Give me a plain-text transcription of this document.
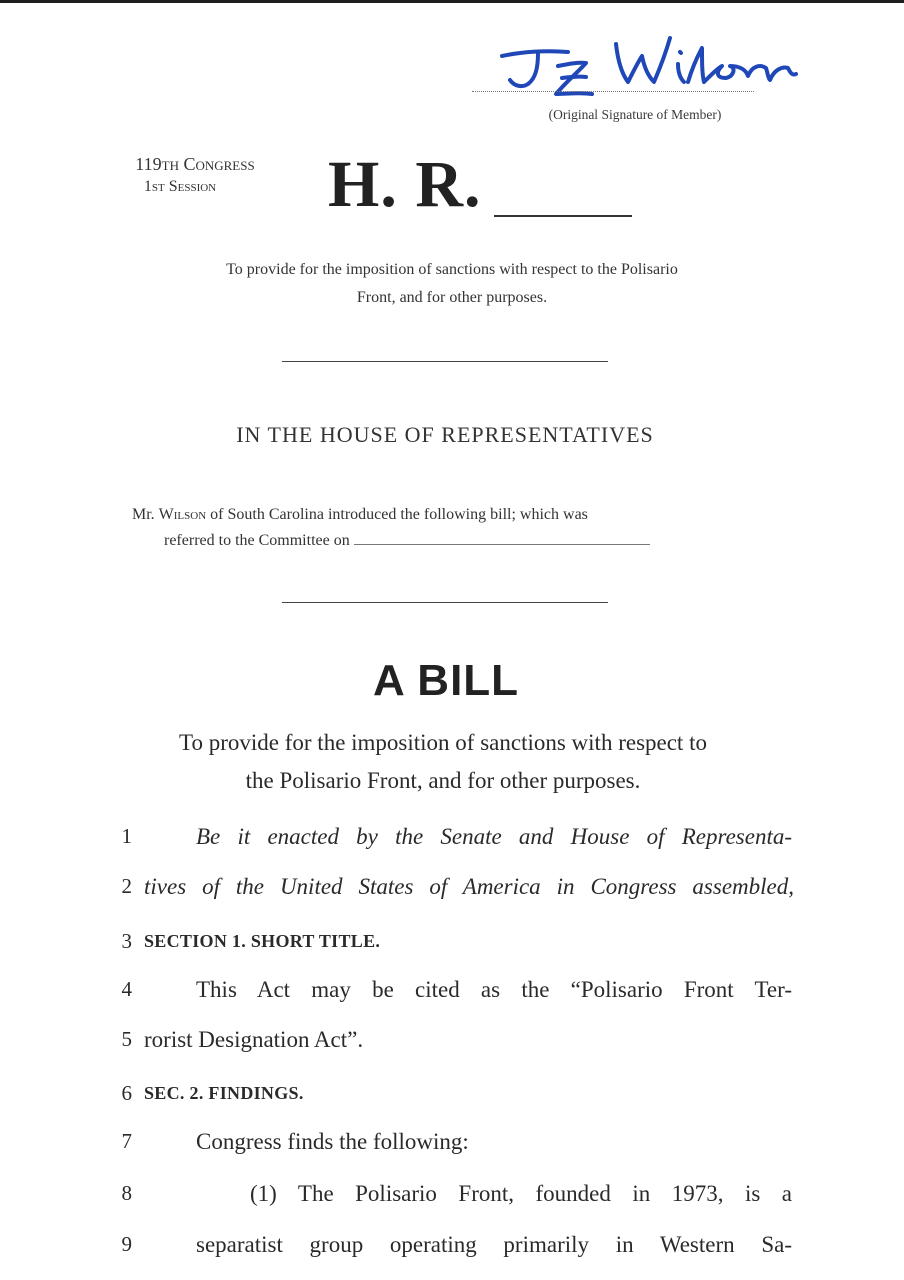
(Original Signature of Member)
119th Congress
1st Session	H. R.
To provide for the imposition of sanctions with respect to the Polisario
Front, and for other purposes.
IN THE HOUSE OF REPRESENTATIVES
Mr. Wilson of South Carolina introduced the following bill; which was
referred to the Committee on
A BILL
To provide for the imposition of sanctions with respect to
the Polisario Front, and for other purposes.
1	Be it enacted by the Senate and House of Representa-
2 tives of the United States of America in Congress assembled,
3 SECTION 1. SHORT TITLE.
4	This Act may be cited as the “Polisario Front Ter-
5 rorist Designation Act”.
6 SEC. 2. FINDINGS.
7	Congress finds the following:
8	(1) The Polisario Front, founded in 1973, is a
9	separatist group operating primarily in Western Sa-
